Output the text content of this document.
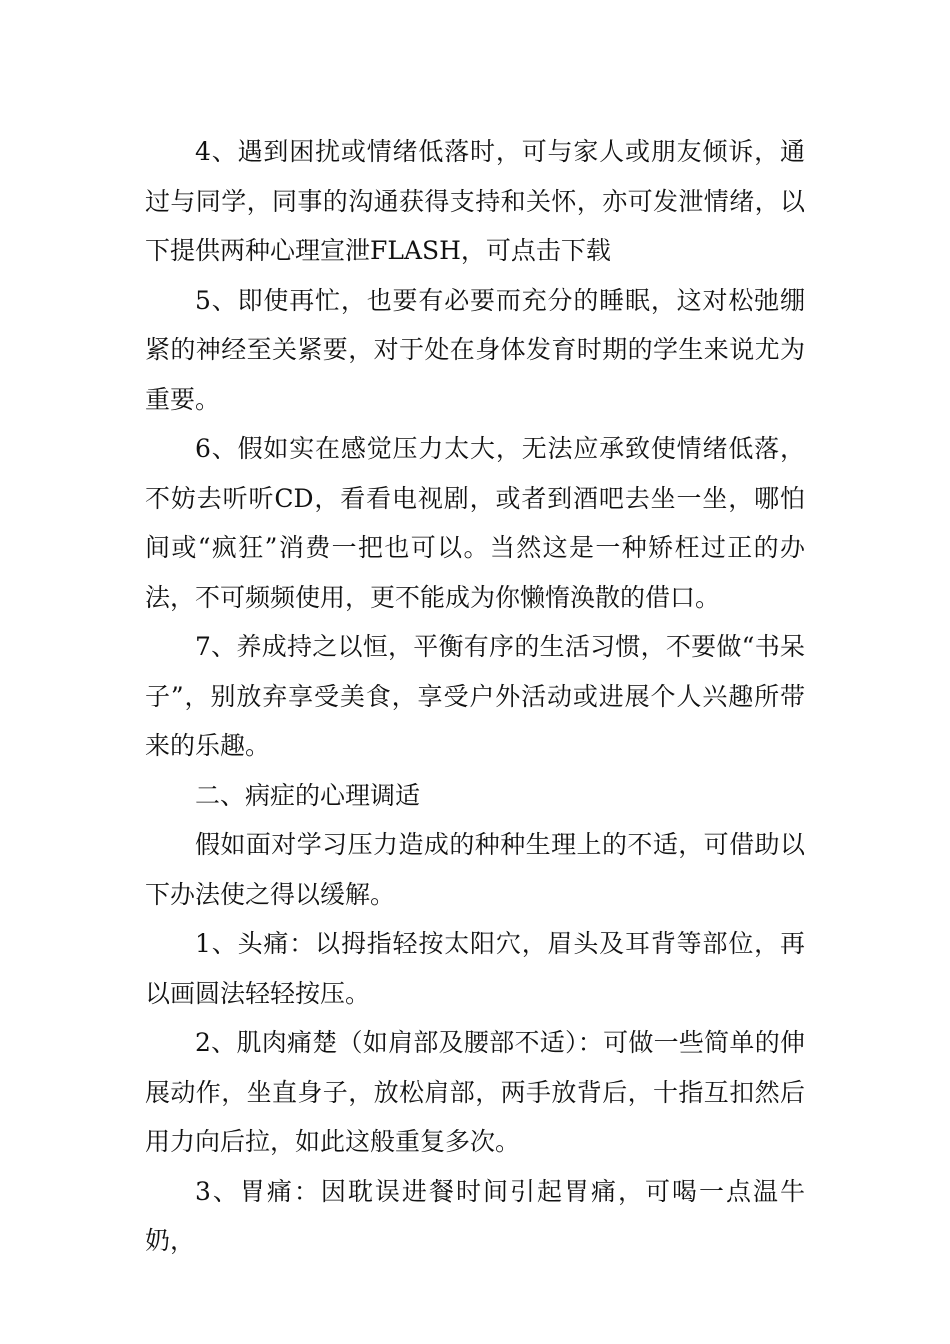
4、遇到困扰或情绪低落时，可与家人或朋友倾诉，通过与同学，同事的沟通获得支持和关怀，亦可发泄情绪，以下提供两种心理宣泄FLASH，可点击下载

5、即使再忙，也要有必要而充分的睡眠，这对松弛绷紧的神经至关紧要，对于处在身体发育时期的学生来说尤为重要。

6、假如实在感觉压力太大，无法应承致使情绪低落，不妨去听听CD，看看电视剧，或者到酒吧去坐一坐，哪怕间或“疯狂”消费一把也可以。当然这是一种矫枉过正的办法，不可频频使用，更不能成为你懒惰涣散的借口。

7、养成持之以恒，平衡有序的生活习惯，不要做“书呆子”，别放弃享受美食，享受户外活动或进展个人兴趣所带来的乐趣。

二、病症的心理调适

假如面对学习压力造成的种种生理上的不适，可借助以下办法使之得以缓解。

1、头痛：以拇指轻按太阳穴，眉头及耳背等部位，再以画圆法轻轻按压。

2、肌肉痛楚（如肩部及腰部不适）：可做一些简单的伸展动作，坐直身子，放松肩部，两手放背后，十指互扣然后用力向后拉，如此这般重复多次。

3、胃痛：因耽误进餐时间引起胃痛，可喝一点温牛奶，
